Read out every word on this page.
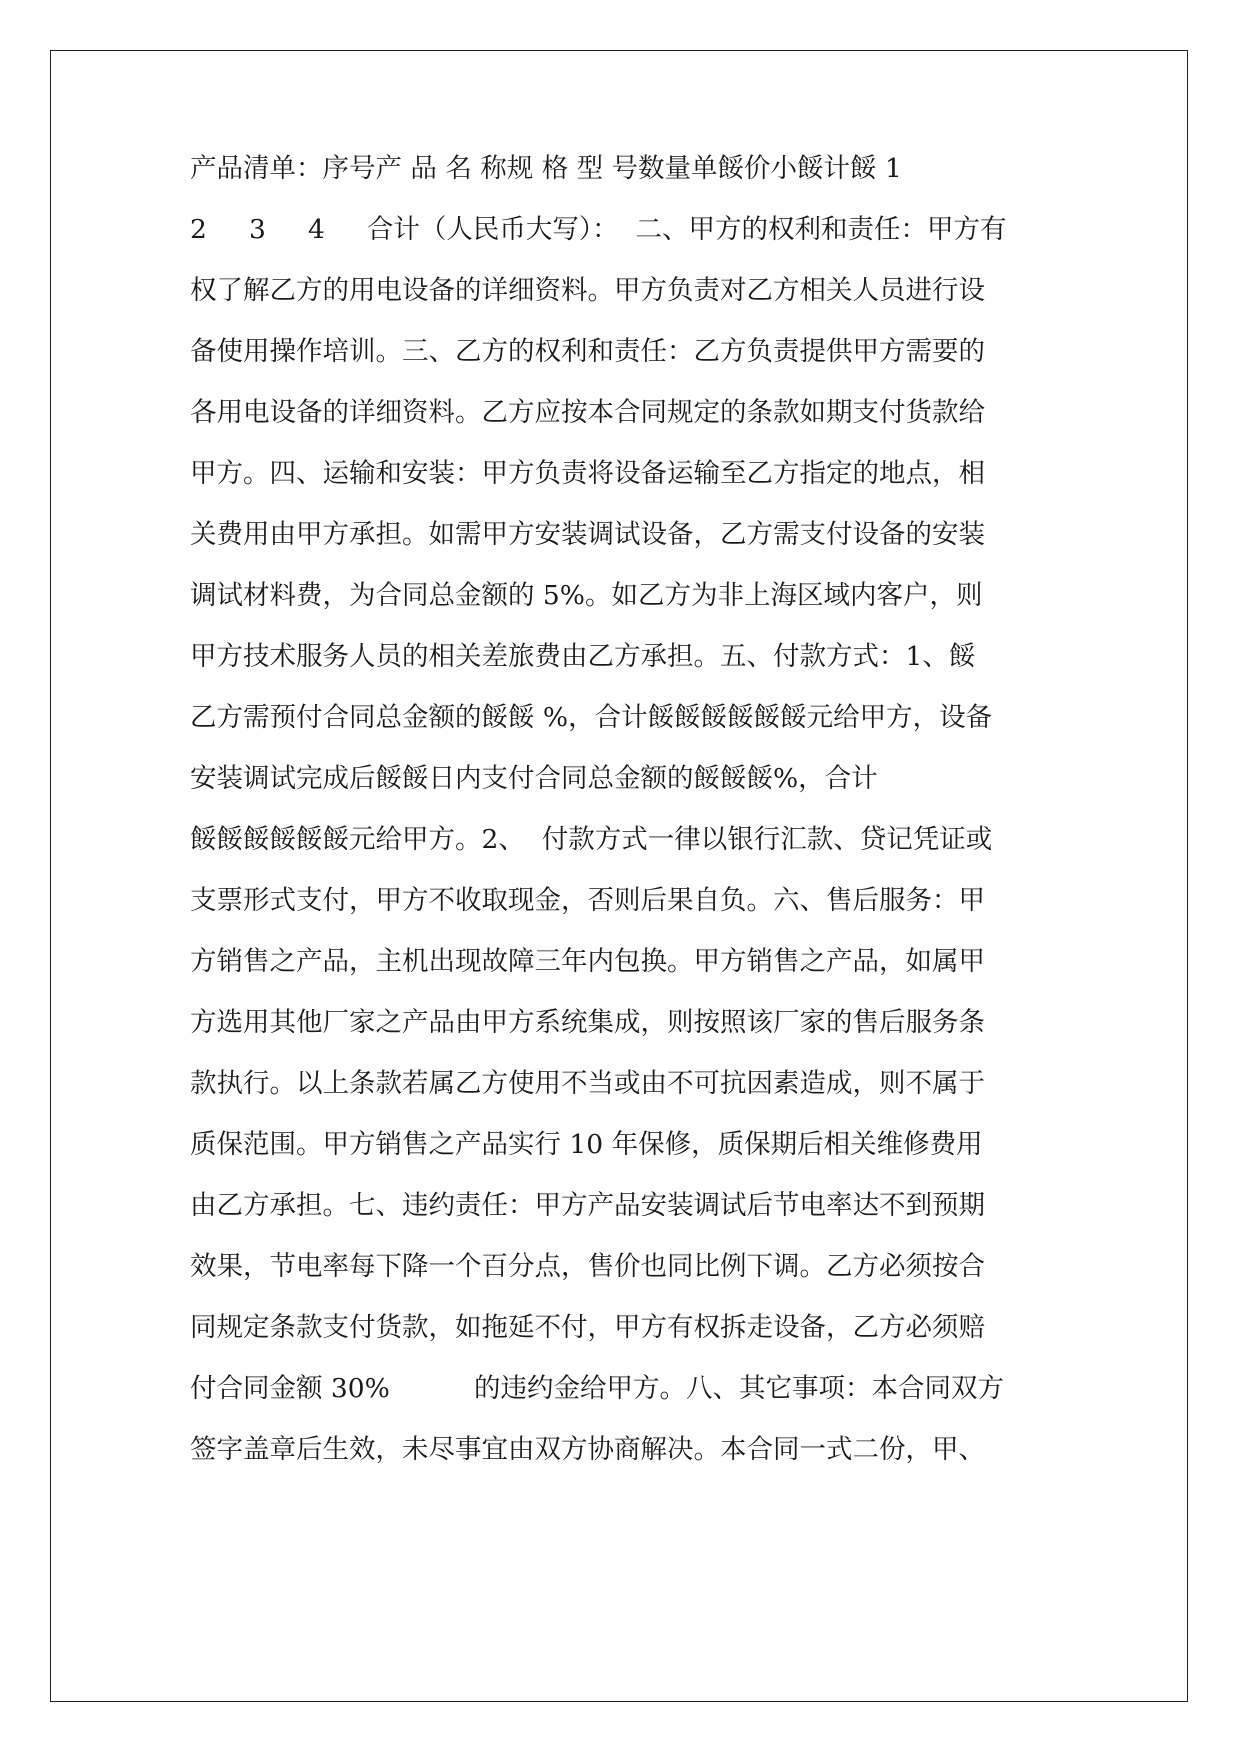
产品清单：序号产 品 名 称规 格 型 号数量单餒价小餒计餒 1
2     3     4     合计（人民币大写）：  二、甲方的权利和责任：甲方有
权了解乙方的用电设备的详细资料。甲方负责对乙方相关人员进行设
备使用操作培训。三、乙方的权利和责任：乙方负责提供甲方需要的
各用电设备的详细资料。乙方应按本合同规定的条款如期支付货款给
甲方。四、运输和安装：甲方负责将设备运输至乙方指定的地点，相
关费用由甲方承担。如需甲方安装调试设备，乙方需支付设备的安装
调试材料费，为合同总金额的 5%。如乙方为非上海区域内客户，则
甲方技术服务人员的相关差旅费由乙方承担。五、付款方式：1、餒
乙方需预付合同总金额的餒餒 %，合计餒餒餒餒餒餒元给甲方，设备
安装调试完成后餒餒日内支付合同总金额的餒餒餒%，合计
餒餒餒餒餒餒元给甲方。2、  付款方式一律以银行汇款、贷记凭证或
支票形式支付，甲方不收取现金，否则后果自负。六、售后服务：甲
方销售之产品，主机出现故障三年内包换。甲方销售之产品，如属甲
方选用其他厂家之产品由甲方系统集成，则按照该厂家的售后服务条
款执行。以上条款若属乙方使用不当或由不可抗因素造成，则不属于
质保范围。甲方销售之产品实行 10 年保修，质保期后相关维修费用
由乙方承担。七、违约责任：甲方产品安装调试后节电率达不到预期
效果，节电率每下降一个百分点，售价也同比例下调。乙方必须按合
同规定条款支付货款，如拖延不付，甲方有权拆走设备，乙方必须赔
付合同金额 30%          的违约金给甲方。八、其它事项：本合同双方
签字盖章后生效，未尽事宜由双方协商解决。本合同一式二份，甲、
